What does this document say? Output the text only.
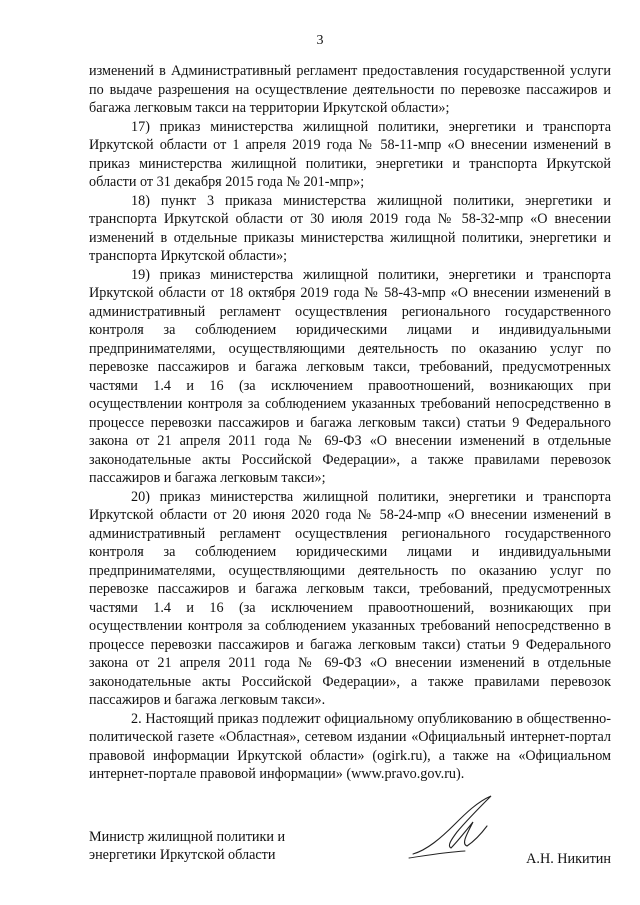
3

изменений в Административный регламент предоставления государственной услуги по выдаче разрешения на осуществление деятельности по перевозке пассажиров и багажа легковым такси на территории Иркутской области»;

17) приказ министерства жилищной политики, энергетики и транспорта Иркутской области от 1 апреля 2019 года № 58-11-мпр «О внесении изменений в приказ министерства жилищной политики, энергетики и транспорта Иркутской области от 31 декабря 2015 года № 201-мпр»;

18) пункт 3 приказа министерства жилищной политики, энергетики и транспорта Иркутской области от 30 июля 2019 года № 58-32-мпр «О внесении изменений в отдельные приказы министерства жилищной политики, энергетики и транспорта Иркутской области»;

19) приказ министерства жилищной политики, энергетики и транспорта Иркутской области от 18 октября 2019 года № 58-43-мпр «О внесении изменений в административный регламент осуществления регионального государственного контроля за соблюдением юридическими лицами и индивидуальными предпринимателями, осуществляющими деятельность по оказанию услуг по перевозке пассажиров и багажа легковым такси, требований, предусмотренных частями 1.4 и 16 (за исключением правоотношений, возникающих при осуществлении контроля за соблюдением указанных требований непосредственно в процессе перевозки пассажиров и багажа легковым такси) статьи 9 Федерального закона от 21 апреля 2011 года № 69-ФЗ «О внесении изменений в отдельные законодательные акты Российской Федерации», а также правилами перевозок пассажиров и багажа легковым такси»;

20) приказ министерства жилищной политики, энергетики и транспорта Иркутской области от 20 июня 2020 года № 58-24-мпр «О внесении изменений в административный регламент осуществления регионального государственного контроля за соблюдением юридическими лицами и индивидуальными предпринимателями, осуществляющими деятельность по оказанию услуг по перевозке пассажиров и багажа легковым такси, требований, предусмотренных частями 1.4 и 16 (за исключением правоотношений, возникающих при осуществлении контроля за соблюдением указанных требований непосредственно в процессе перевозки пассажиров и багажа легковым такси) статьи 9 Федерального закона от 21 апреля 2011 года № 69-ФЗ «О внесении изменений в отдельные законодательные акты Российской Федерации», а также правилами перевозок пассажиров и багажа легковым такси».

2. Настоящий приказ подлежит официальному опубликованию в общественно-политической газете «Областная», сетевом издании «Официальный интернет-портал правовой информации Иркутской области» (ogirk.ru), а также на «Официальном интернет-портале правовой информации» (www.pravo.gov.ru).

Министр жилищной политики и
энергетики Иркутской области	А.Н. Никитин
